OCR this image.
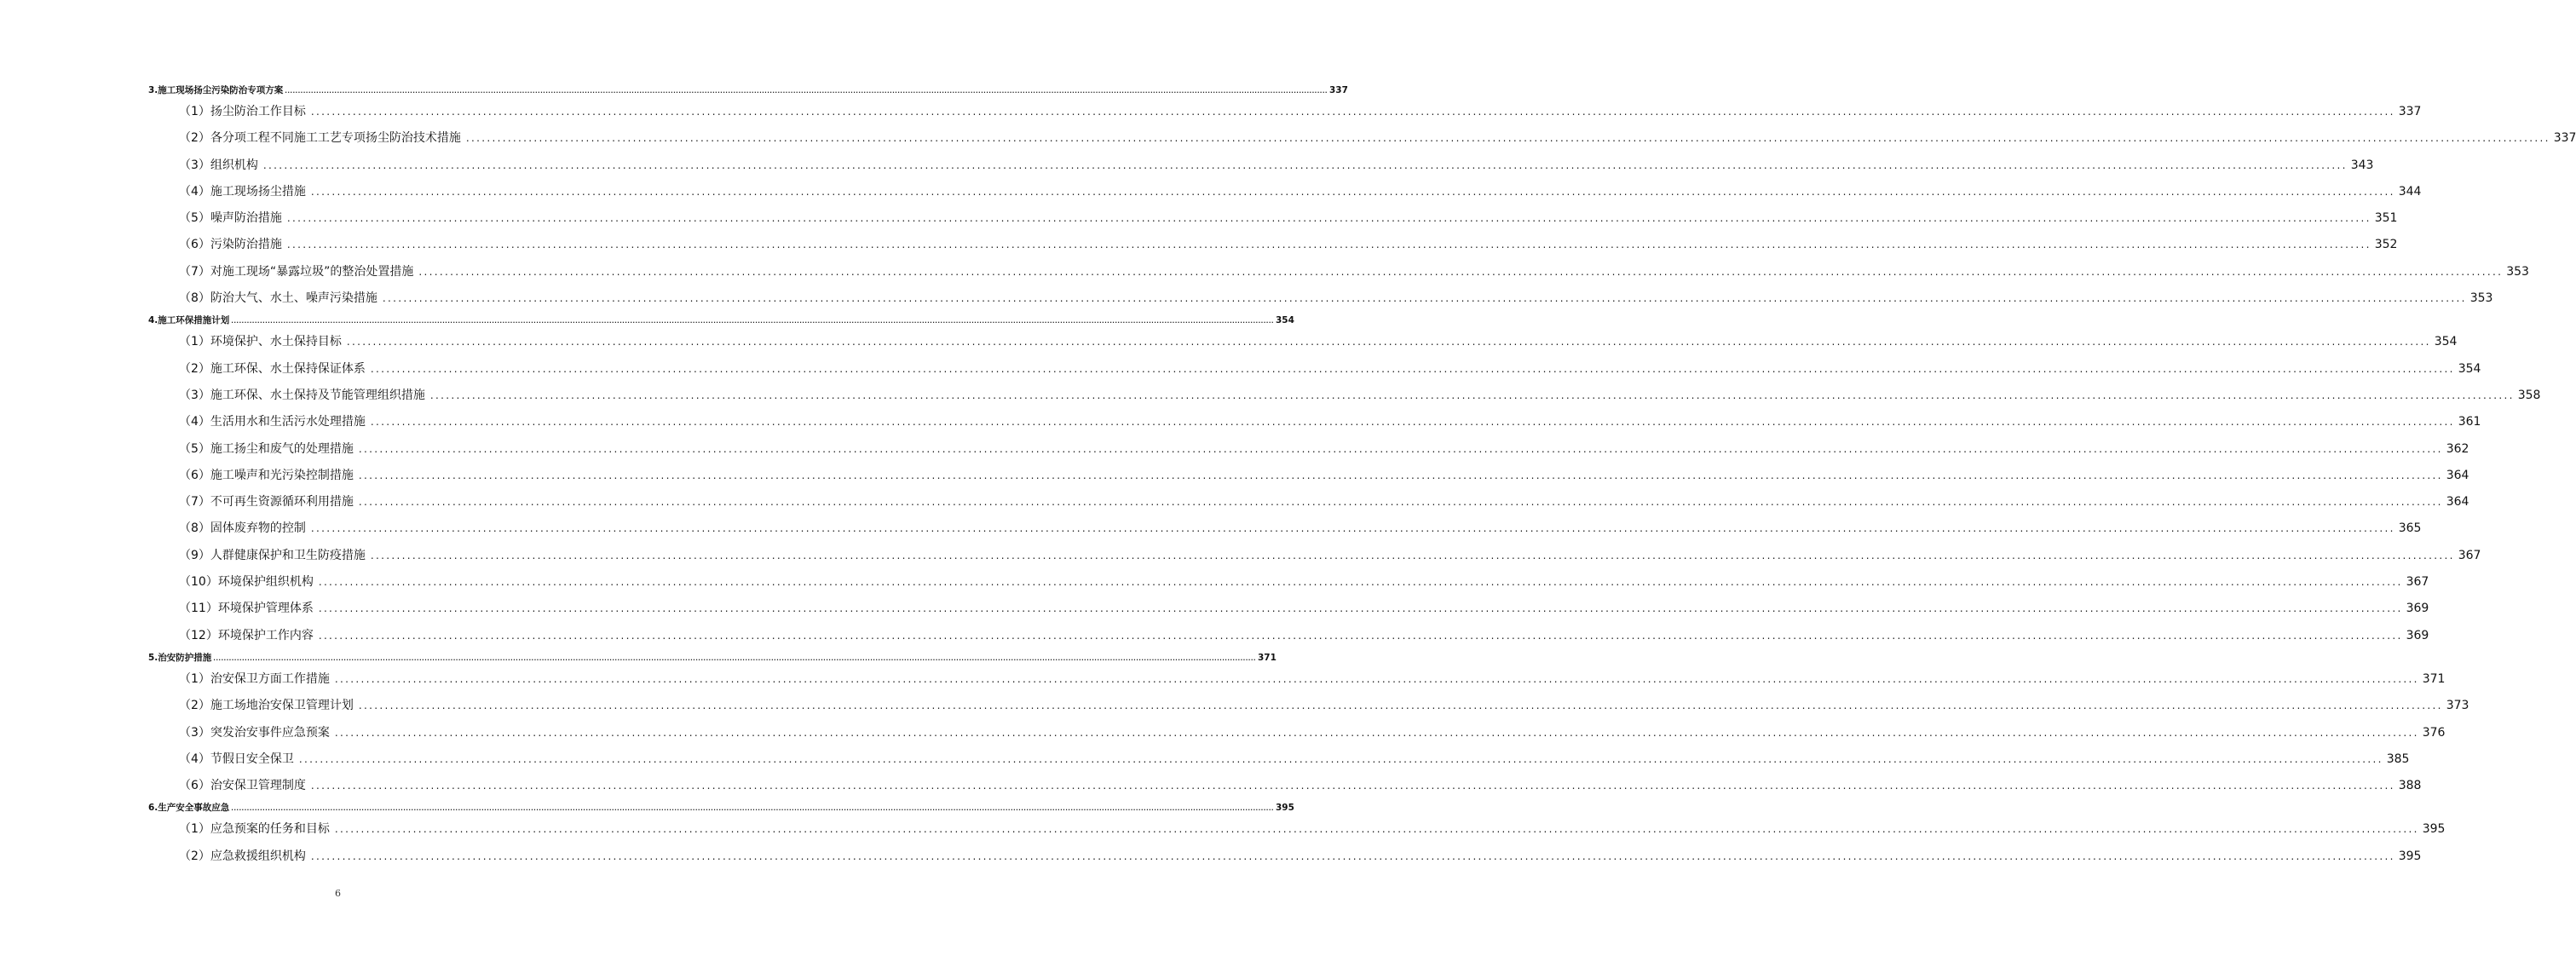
3.施工现场扬尘污染防治专项方案 ................................................................................................................................................................................................................................................................................................................................................................................................................ 337
（1）扬尘防治工作目标 ................................................................................................................................................................................................................................................................................................................................................................................................................ 337
（2）各分项工程不同施工工艺专项扬尘防治技术措施 ................................................................................................................................................................................................................................................................................................................................................................................................................ 337
（3）组织机构 ................................................................................................................................................................................................................................................................................................................................................................................................................ 343
（4）施工现场扬尘措施 ................................................................................................................................................................................................................................................................................................................................................................................................................ 344
（5）噪声防治措施 ................................................................................................................................................................................................................................................................................................................................................................................................................ 351
（6）污染防治措施 ................................................................................................................................................................................................................................................................................................................................................................................................................ 352
（7）对施工现场“暴露垃圾”的整治处置措施 ................................................................................................................................................................................................................................................................................................................................................................................................................ 353
（8）防治大气、水土、噪声污染措施 ................................................................................................................................................................................................................................................................................................................................................................................................................ 353
4.施工环保措施计划 ................................................................................................................................................................................................................................................................................................................................................................................................................ 354
（1）环境保护、水土保持目标 ................................................................................................................................................................................................................................................................................................................................................................................................................ 354
（2）施工环保、水土保持保证体系 ................................................................................................................................................................................................................................................................................................................................................................................................................ 354
（3）施工环保、水土保持及节能管理组织措施 ................................................................................................................................................................................................................................................................................................................................................................................................................ 358
（4）生活用水和生活污水处理措施 ................................................................................................................................................................................................................................................................................................................................................................................................................ 361
（5）施工扬尘和废气的处理措施 ................................................................................................................................................................................................................................................................................................................................................................................................................ 362
（6）施工噪声和光污染控制措施 ................................................................................................................................................................................................................................................................................................................................................................................................................ 364
（7）不可再生资源循环利用措施 ................................................................................................................................................................................................................................................................................................................................................................................................................ 364
（8）固体废弃物的控制 ................................................................................................................................................................................................................................................................................................................................................................................................................ 365
（9）人群健康保护和卫生防疫措施 ................................................................................................................................................................................................................................................................................................................................................................................................................ 367
（10）环境保护组织机构 ................................................................................................................................................................................................................................................................................................................................................................................................................ 367
（11）环境保护管理体系 ................................................................................................................................................................................................................................................................................................................................................................................................................ 369
（12）环境保护工作内容 ................................................................................................................................................................................................................................................................................................................................................................................................................ 369
5.治安防护措施 ................................................................................................................................................................................................................................................................................................................................................................................................................ 371
（1）治安保卫方面工作措施 ................................................................................................................................................................................................................................................................................................................................................................................................................ 371
（2）施工场地治安保卫管理计划 ................................................................................................................................................................................................................................................................................................................................................................................................................ 373
（3）突发治安事件应急预案 ................................................................................................................................................................................................................................................................................................................................................................................................................ 376
（4）节假日安全保卫 ................................................................................................................................................................................................................................................................................................................................................................................................................ 385
（6）治安保卫管理制度 ................................................................................................................................................................................................................................................................................................................................................................................................................ 388
6.生产安全事故应急 ................................................................................................................................................................................................................................................................................................................................................................................................................ 395
（1）应急预案的任务和目标 ................................................................................................................................................................................................................................................................................................................................................................................................................ 395
（2）应急救援组织机构 ................................................................................................................................................................................................................................................................................................................................................................................................................ 395
6
